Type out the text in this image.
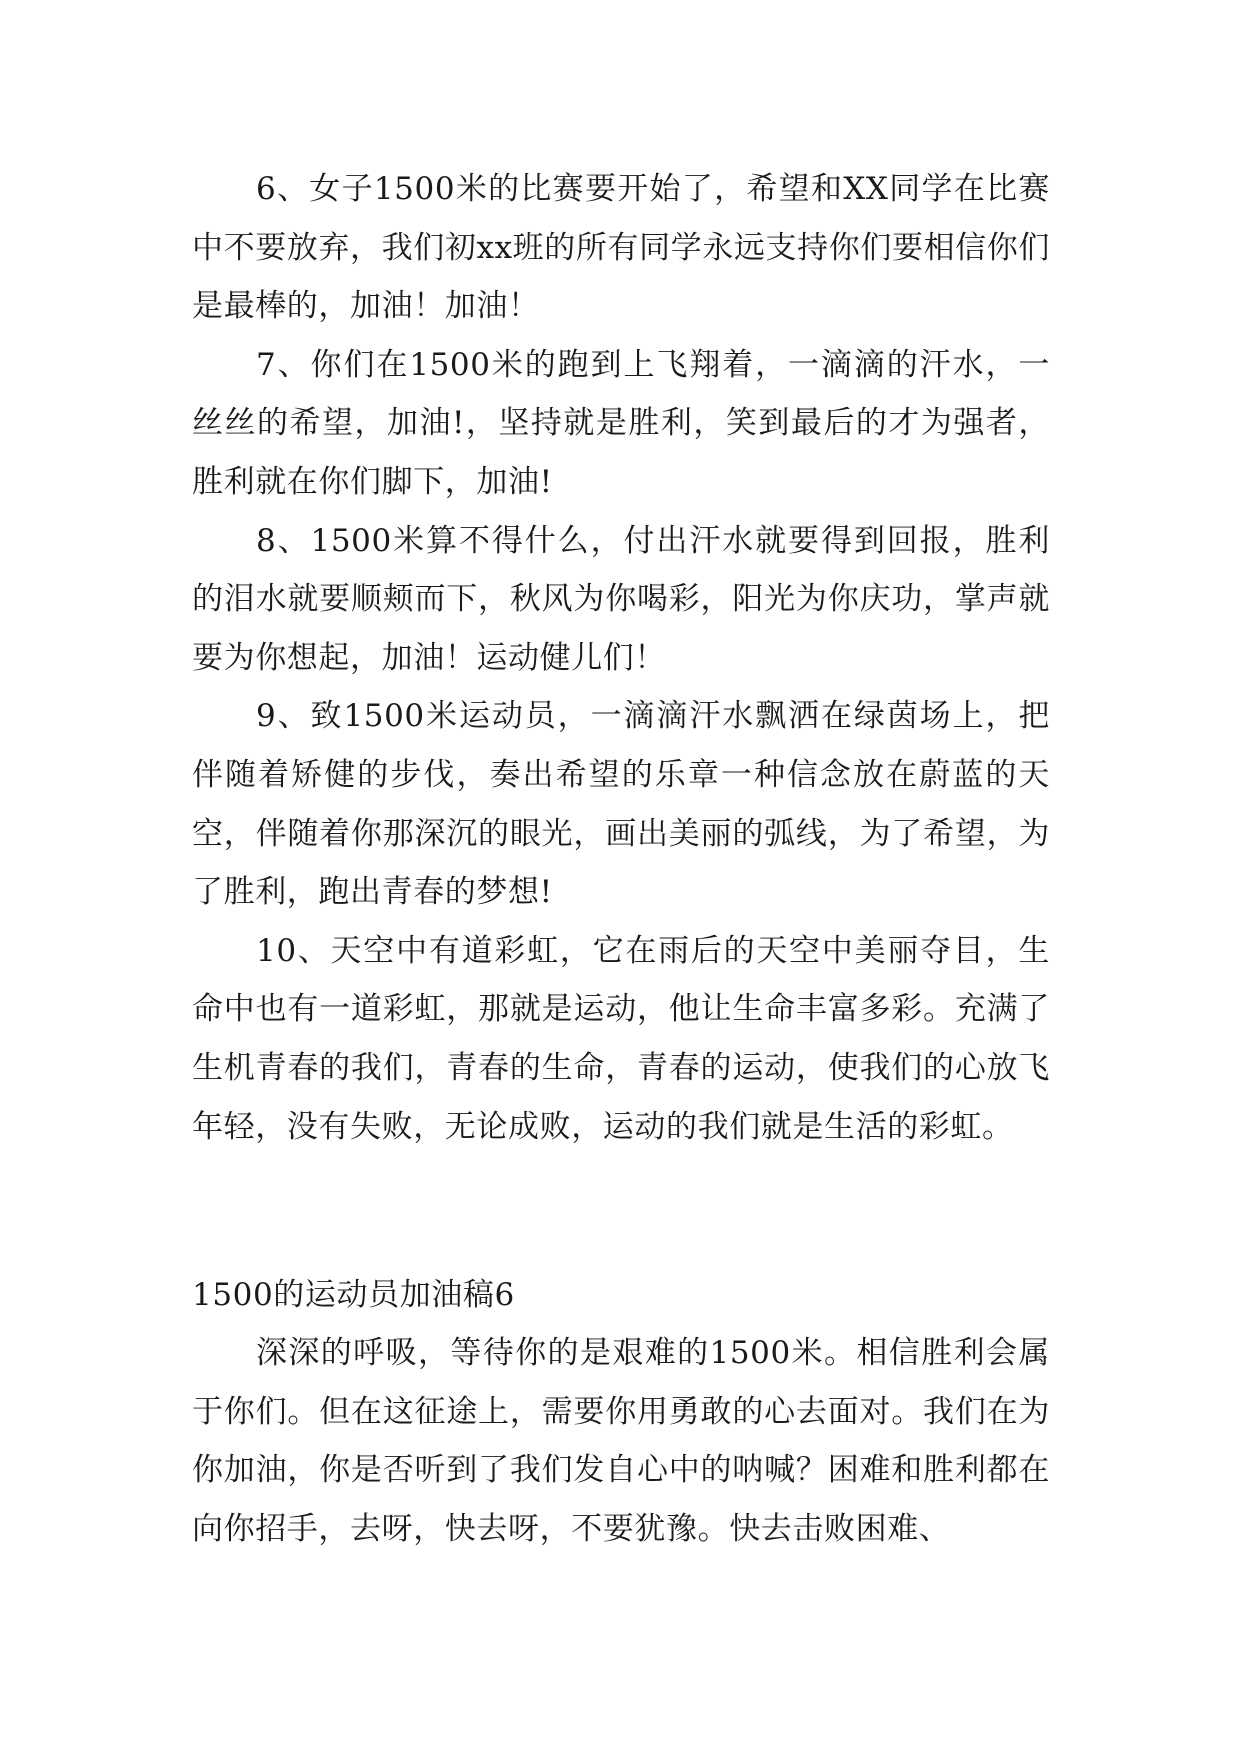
6、女子1500米的比赛要开始了，希望和XX同学在比赛中不要放弃，我们初xx班的所有同学永远支持你们要相信你们是最棒的，加油！加油！

7、你们在1500米的跑到上飞翔着，一滴滴的汗水，一丝丝的希望，加油!，坚持就是胜利，笑到最后的才为强者，胜利就在你们脚下，加油!

8、1500米算不得什么，付出汗水就要得到回报，胜利的泪水就要顺颊而下，秋风为你喝彩，阳光为你庆功，掌声就要为你想起，加油！运动健儿们！

9、致1500米运动员，一滴滴汗水飘洒在绿茵场上，把伴随着矫健的步伐，奏出希望的乐章一种信念放在蔚蓝的天空，伴随着你那深沉的眼光，画出美丽的弧线，为了希望，为了胜利，跑出青春的梦想!

10、天空中有道彩虹，它在雨后的天空中美丽夺目，生命中也有一道彩虹，那就是运动，他让生命丰富多彩。充满了生机青春的我们，青春的生命，青春的运动，使我们的心放飞年轻，没有失败，无论成败，运动的我们就是生活的彩虹。

1500的运动员加油稿6

深深的呼吸，等待你的是艰难的1500米。相信胜利会属于你们。但在这征途上，需要你用勇敢的心去面对。我们在为你加油，你是否听到了我们发自心中的呐喊？困难和胜利都在向你招手，去呀，快去呀，不要犹豫。快去击败困难、
